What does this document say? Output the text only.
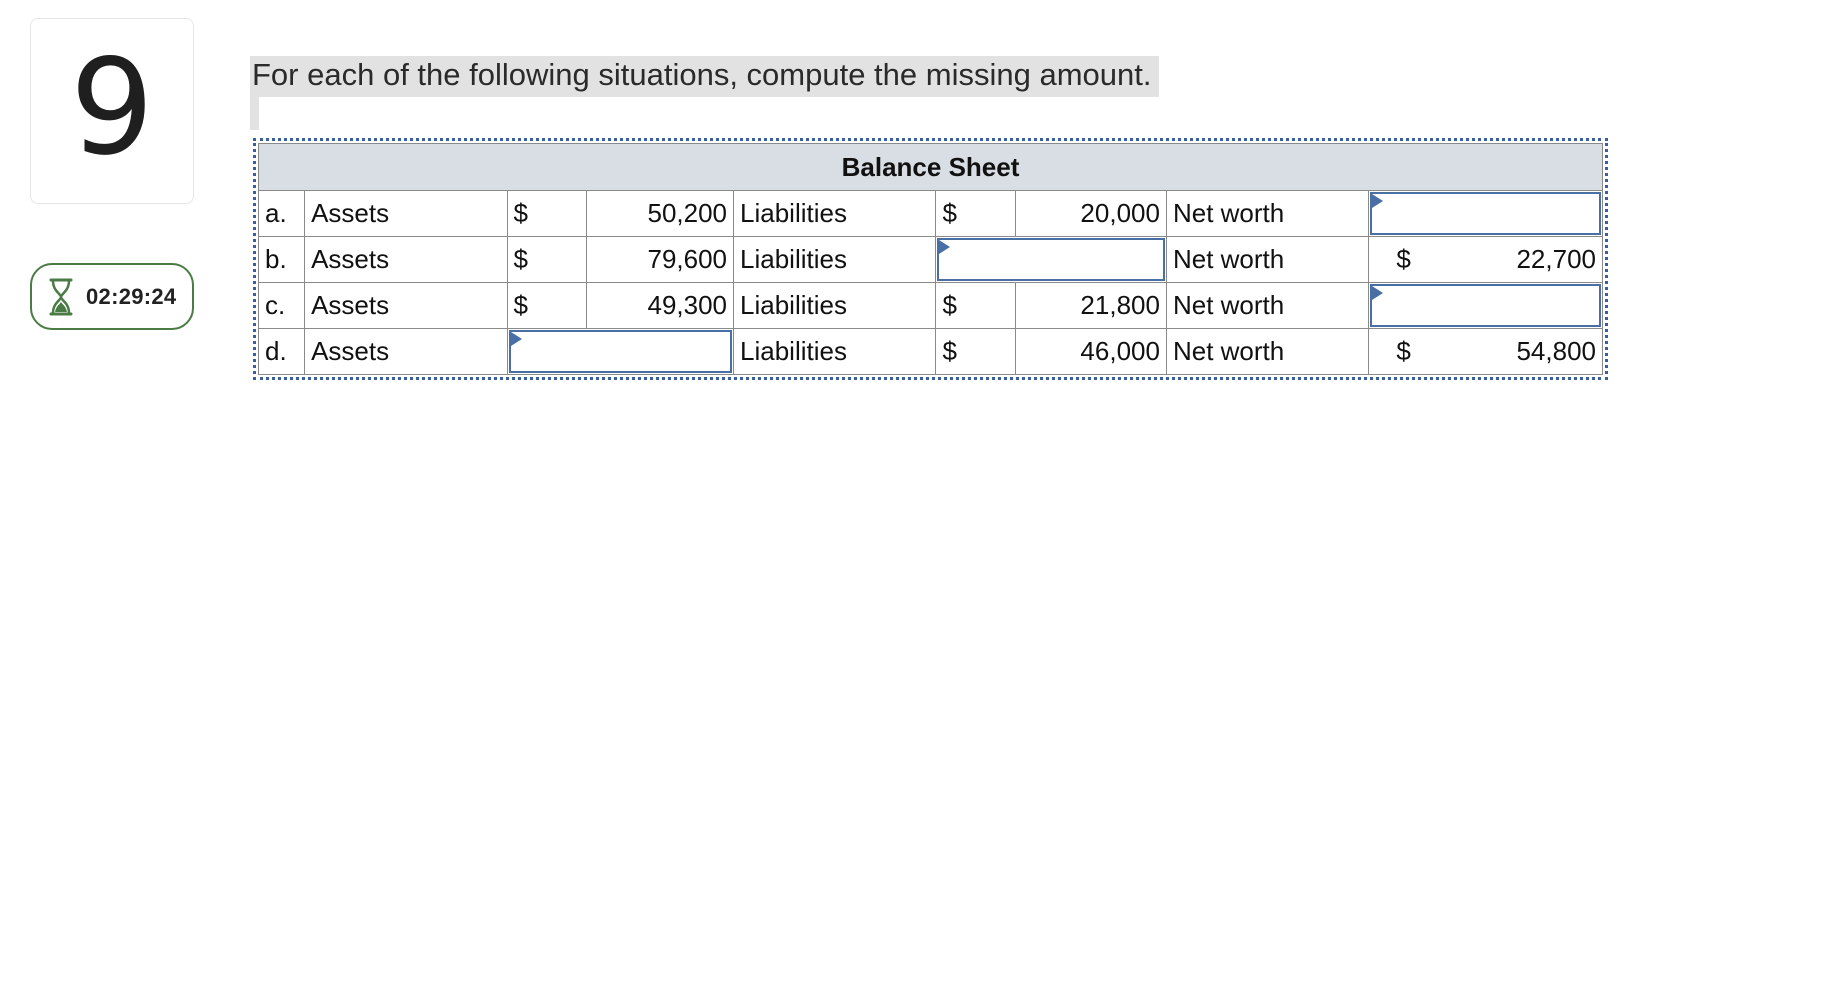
9
02:29:24
For each of the following situations, compute the missing amount.
Balance Sheet								
a.	Assets	$	50,200	Liabilities	$	20,000	Net worth	

b.	Assets	$	79,600	Liabilities			Net worth	$ 22,700
c.	Assets	$	49,300	Liabilities	$	21,800	Net worth	

d.	Assets			Liabilities	$	46,000	Net worth	$ 54,800
